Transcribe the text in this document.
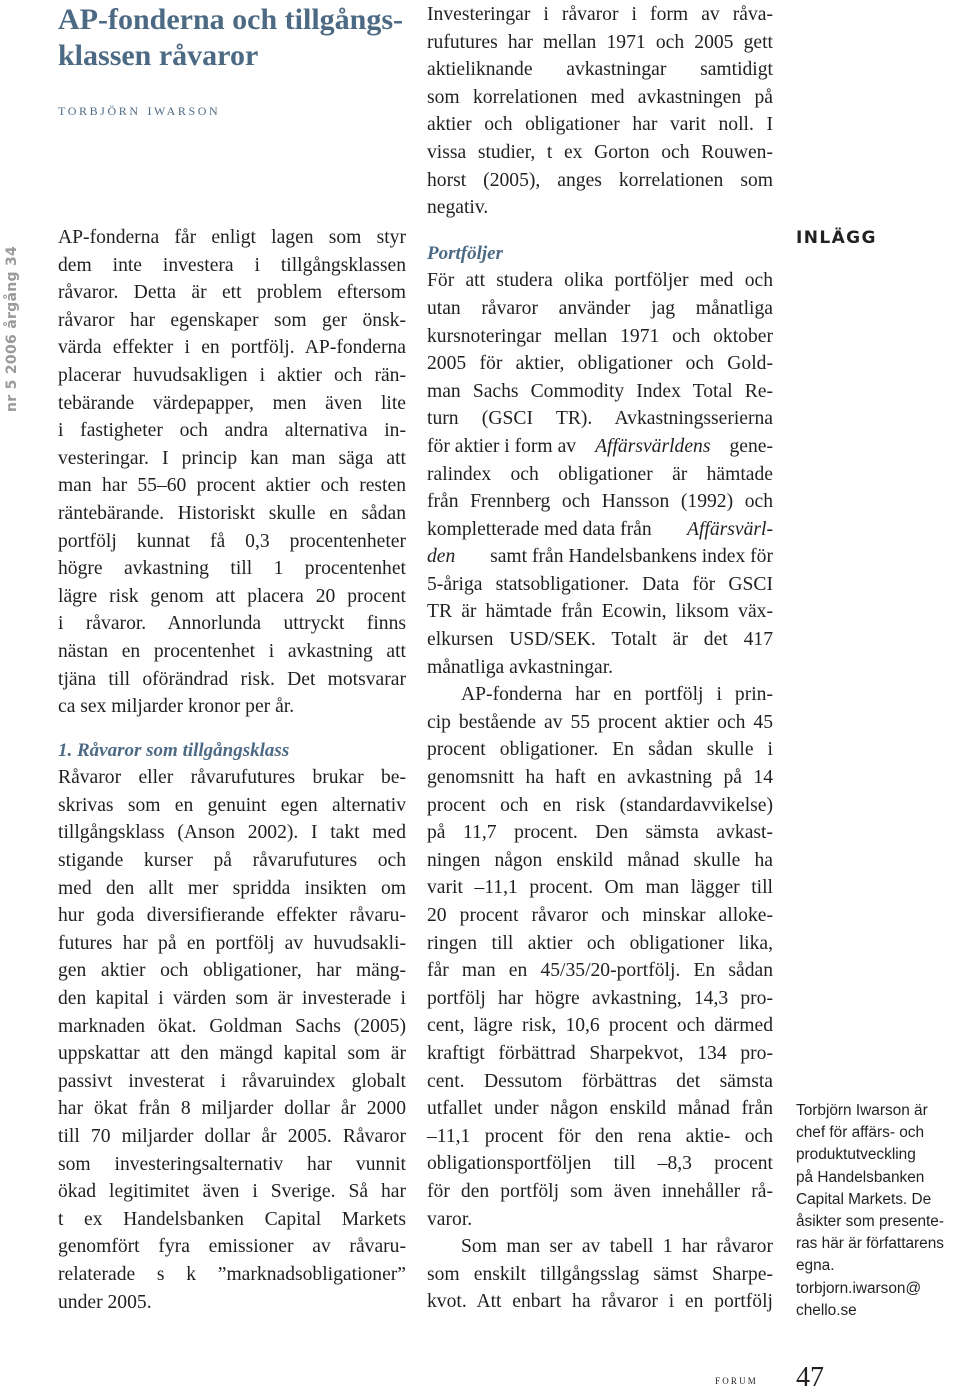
nr 5 2006 årgång 34
AP-fonderna och tillgångs-
klassen råvaror
torbjörn iwarson

AP-fonderna får enligt lagen som styr
dem inte investera i tillgångsklassen
råvaror. Detta är ett problem eftersom
råvaror har egenskaper som ger önsk-
värda effekter i en portfölj. AP-fonderna
placerar huvudsakligen i aktier och rän-
tebärande värdepapper, men även lite
i fastigheter och andra alternativa in-
vesteringar. I princip kan man säga att
man har 55–60 procent aktier och resten
räntebärande. Historiskt skulle en sådan
portfölj kunnat få 0,3 procentenheter
högre avkastning till 1 procentenhet
lägre risk genom att placera 20 procent
i råvaror. Annorlunda uttryckt finns
nästan en procentenhet i avkastning att
tjäna till oförändrad risk. Det motsvarar
ca sex miljarder kronor per år.

1. Råvaror som tillgångsklass

Råvaror eller råvarufutures brukar be-
skrivas som en genuint egen alternativ
tillgångsklass (Anson 2002). I takt med
stigande kurser på råvarufutures och
med den allt mer spridda insikten om
hur goda diversifierande effekter råvaru-
futures har på en portfölj av huvudsakli-
gen aktier och obligationer, har mäng-
den kapital i värden som är investerade i
marknaden ökat. Goldman Sachs (2005)
uppskattar att den mängd kapital som är
passivt investerat i råvaruindex globalt
har ökat från 8 miljarder dollar år 2000
till 70 miljarder dollar år 2005. Råvaror
som investeringsalternativ har vunnit
ökad legitimitet även i Sverige. Så har
t ex Handelsbanken Capital Markets
genomfört fyra emissioner av råvaru-
relaterade s k ”marknadsobligationer”
under 2005.

Investeringar i råvaror i form av råva-
rufutures har mellan 1971 och 2005 gett
aktieliknande avkastningar samtidigt
som korrelationen med avkastningen på
aktier och obligationer har varit noll. I
vissa studier, t ex Gorton och Rouwen-
horst (2005), anges korrelationen som
negativ.

Portföljer

För att studera olika portföljer med och
utan råvaror använder jag månatliga
kursnoteringar mellan 1971 och oktober
2005 för aktier, obligationer och Gold-
man Sachs Commodity Index Total Re-
turn (GSCI TR). Avkastningsserierna
för aktier i form av Affärsvärldens gene-
ralindex och obligationer är hämtade
från Frennberg och Hansson (1992) och
kompletterade med data från Affärsvärl-
den samt från Handelsbankens index för
5-åriga statsobligationer. Data för GSCI
TR är hämtade från Ecowin, liksom väx-
elkursen USD/SEK. Totalt är det 417
månatliga avkastningar.

AP-fonderna har en portfölj i prin-
cip bestående av 55 procent aktier och 45
procent obligationer. En sådan skulle i
genomsnitt ha haft en avkastning på 14
procent och en risk (standardavvikelse)
på 11,7 procent. Den sämsta avkast-
ningen någon enskild månad skulle ha
varit –11,1 procent. Om man lägger till
20 procent råvaror och minskar alloke-
ringen till aktier och obligationer lika,
får man en 45/35/20-portfölj. En sådan
portfölj har högre avkastning, 14,3 pro-
cent, lägre risk, 10,6 procent och därmed
kraftigt förbättrad Sharpekvot, 134 pro-
cent. Dessutom förbättras det sämsta
utfallet under någon enskild månad från
–11,1 procent för den rena aktie- och
obligationsportföljen till –8,3 procent
för den portfölj som även innehåller rå-
varor.

Som man ser av tabell 1 har råvaror
som enskilt tillgångsslag sämst Sharpe-
kvot. Att enbart ha råvaror i en portfölj

INLÄGG
Torbjörn Iwarson är
chef för affärs- och
produktutveckling
på Handelsbanken
Capital Markets. De
åsikter som presente-
ras här är författarens
egna.
torbjorn.iwarson@
chello.se
forum 47
